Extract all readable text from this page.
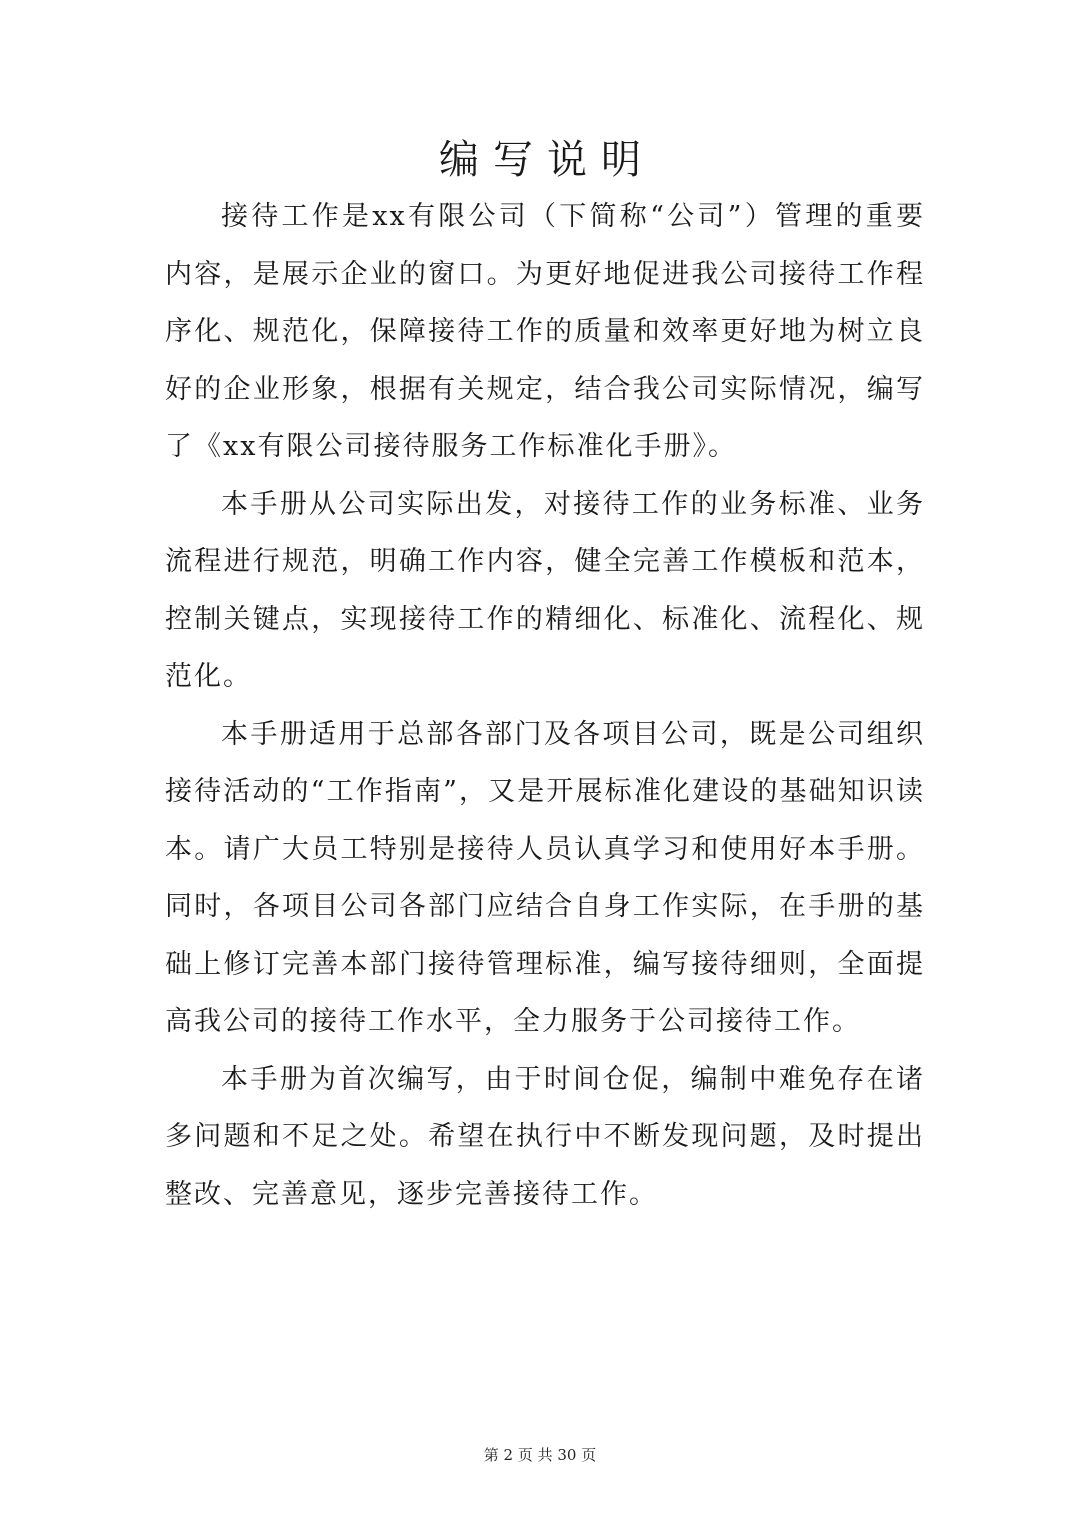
编写说明

接待工作是xx有限公司（下简称“公司”）管理的重要内容，是展示企业的窗口。为更好地促进我公司接待工作程序化、规范化，保障接待工作的质量和效率更好地为树立良好的企业形象，根据有关规定，结合我公司实际情况，编写了《xx有限公司接待服务工作标准化手册》。

本手册从公司实际出发，对接待工作的业务标准、业务流程进行规范，明确工作内容，健全完善工作模板和范本，控制关键点，实现接待工作的精细化、标准化、流程化、规范化。

本手册适用于总部各部门及各项目公司，既是公司组织接待活动的“工作指南”，又是开展标准化建设的基础知识读本。请广大员工特别是接待人员认真学习和使用好本手册。同时，各项目公司各部门应结合自身工作实际，在手册的基础上修订完善本部门接待管理标准，编写接待细则，全面提高我公司的接待工作水平，全力服务于公司接待工作。

本手册为首次编写，由于时间仓促，编制中难免存在诸多问题和不足之处。希望在执行中不断发现问题，及时提出整改、完善意见，逐步完善接待工作。

第 2 页 共 30 页
